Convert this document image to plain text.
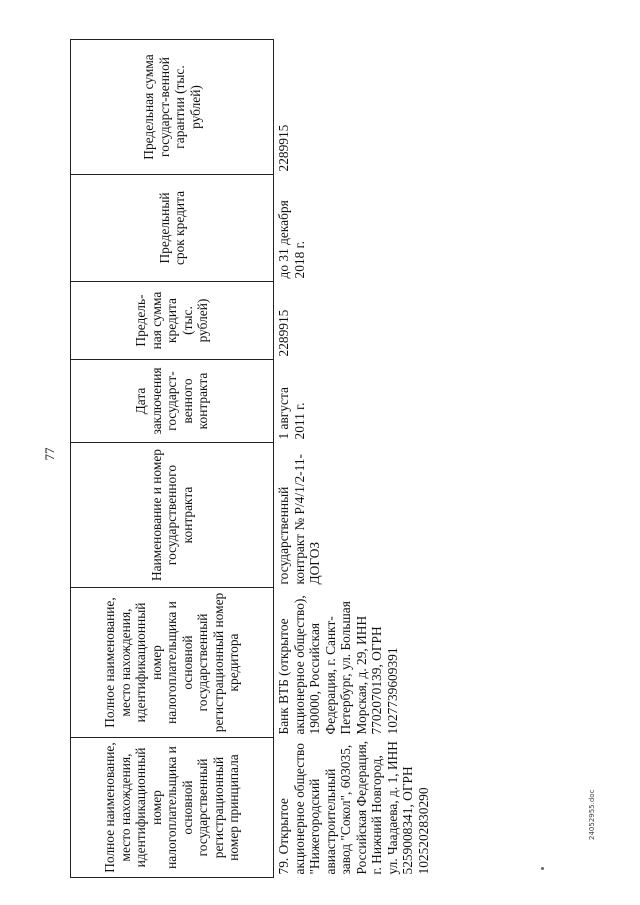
77
Полное наименование, место нахождения, идентификационный номер налогоплательщика и основной государственный регистрационный номер принципала	Полное наименование, место нахождения, идентификационный номер налогоплательщика и основной государственный регистрационный номер кредитора	Наименование и номер государственного контракта	Дата заключения государст-венного контракта	Предель-ная сумма кредита (тыс. рублей)	Предельный срок кредита	Предельная сумма государст-венной гарантии (тыс. рублей)
79. Открытое акционерное общество "Нижегородский авиастроительный завод "Сокол", 603035, Российская Федерация, г. Нижний Новгород, ул. Чаадаева, д. 1, ИНН 5259008341, ОГРН 1025202830290	Банк ВТБ (открытое акционерное общество), 190000, Российская Федерация, г. Санкт-Петербург, ул. Большая Морская, д. 29, ИНН 7702070139, ОГРН 1027739609391	государственный контракт № Р/4/1/2-11-ДОГОЗ	1 августа 2011 г.	2289915	до 31 декабря 2018 г.	2289915
24052955.doc
